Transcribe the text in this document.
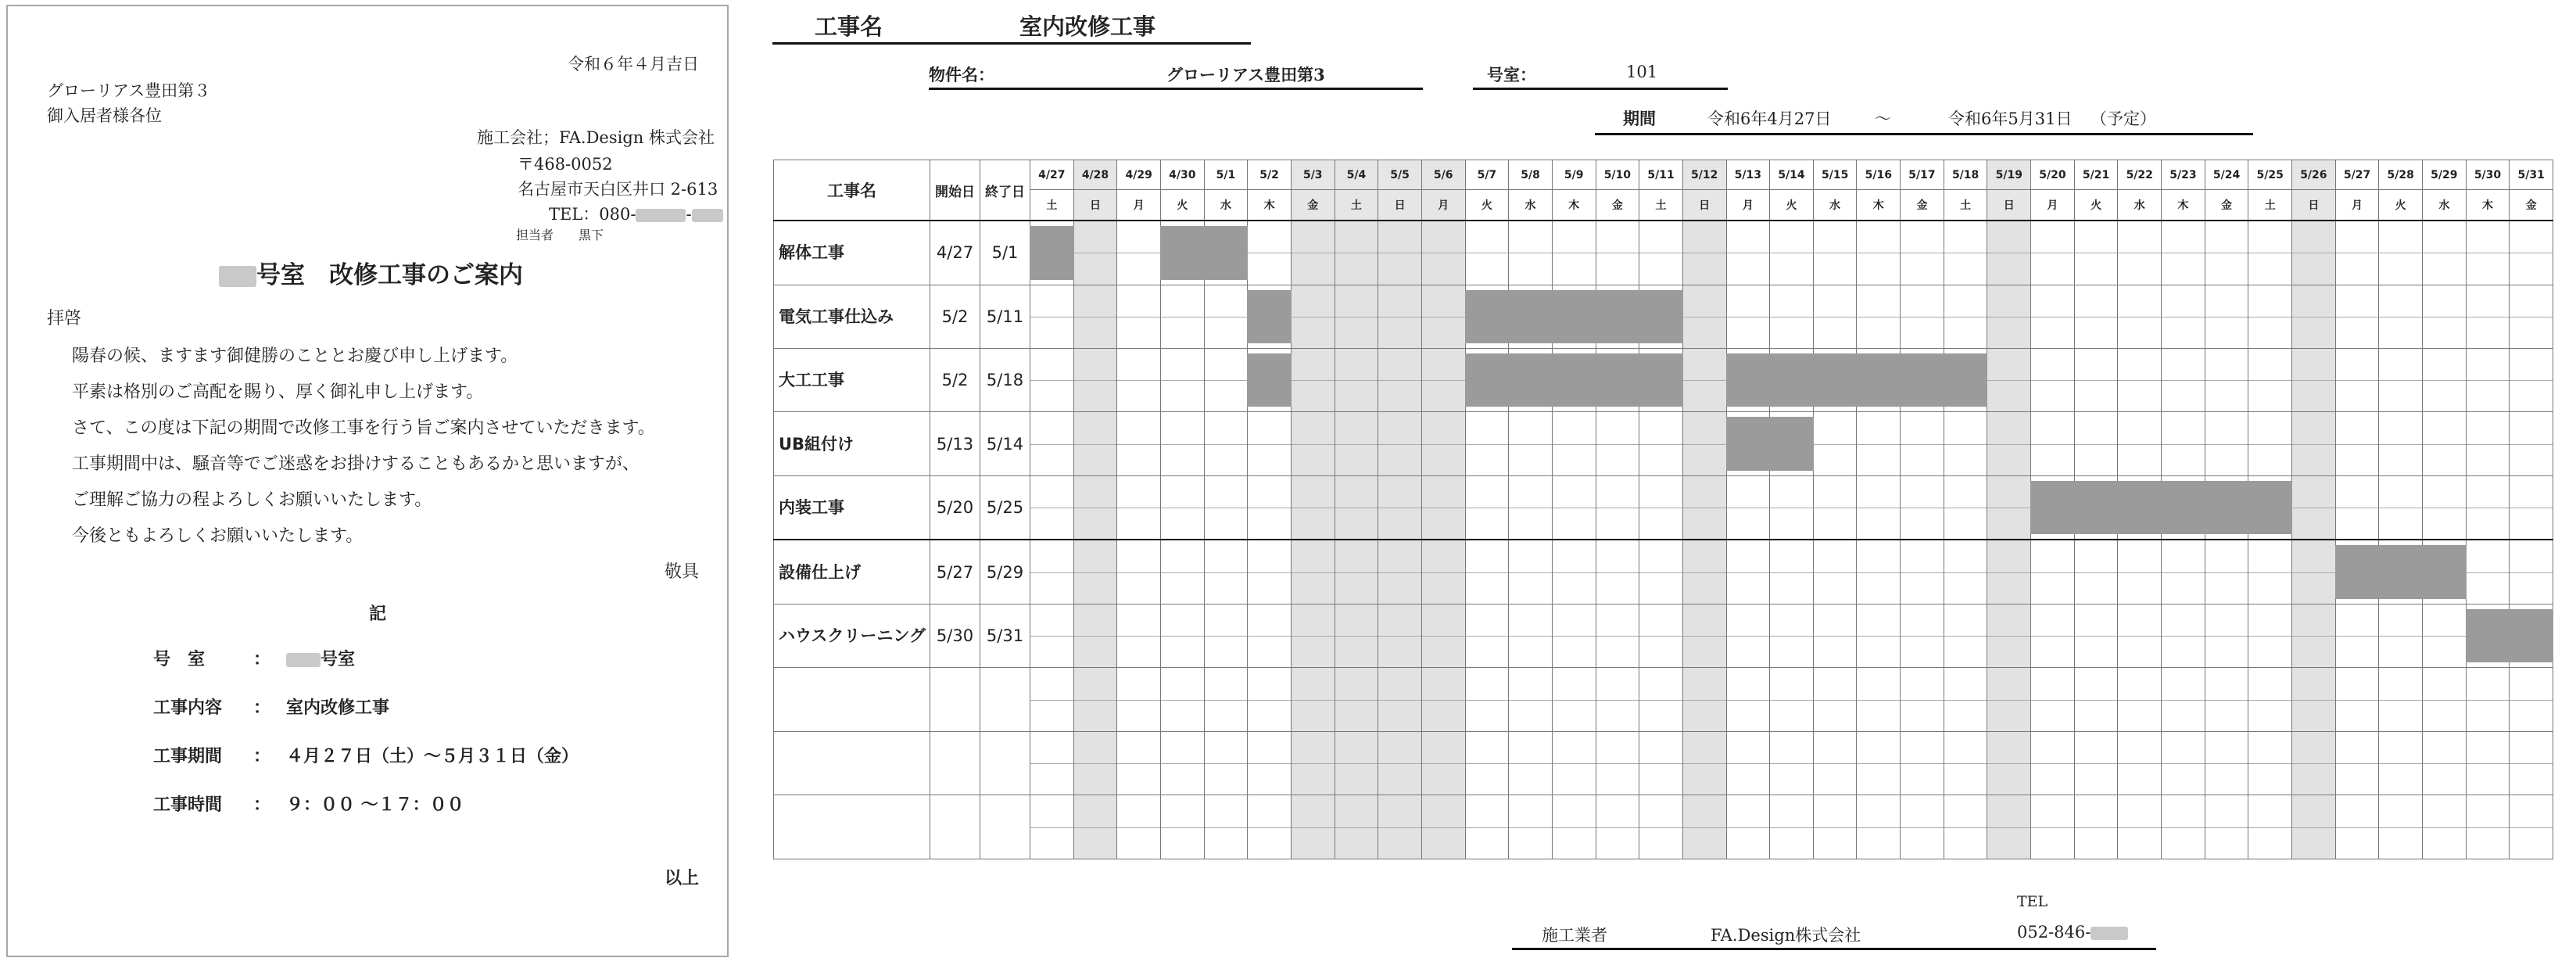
令和６年４月吉日
グローリアス豊田第３
御入居者様各位
施工会社；FA.Design 株式会社
〒468-0052
名古屋市天白区井口 2-613
TEL：080-	-
担当者　　黒下
号室　改修工事のご案内
拝啓
陽春の候、ますます御健勝のこととお慶び申し上げます。
平素は格別のご高配を賜り、厚く御礼申し上げます。
さて、この度は下記の期間で改修工事を行う旨ご案内させていただきます。
工事期間中は、騒音等でご迷惑をお掛けすることもあるかと思いますが、
ご理解ご協力の程よろしくお願いいたします。
今後ともよろしくお願いいたします。
敬具
記
号　室	：	号室
工事内容 ： 室内改修工事
工事期間 ： ４月２７日（土）～５月３１日（金）
工事時間 ： ９：００ ～１７：００
以上
工事名	室内改修工事
物件名：	グローリアス豊田第3	号室：	101
期間	令和6年4月27日	～	令和6年5月31日 （予定）
工事名	開始日	終了日	4/27	4/28	4/29	4/30	5/1	5/2	5/3	5/4	5/5	5/6	5/7	5/8	5/9	5/10	5/11	5/12	5/13	5/14	5/15	5/16	5/17	5/18	5/19	5/20	5/21	5/22	5/23	5/24	5/25	5/26	5/27	5/28	5/29	5/30	5/31
			土	日	月	火	水	木	金	土	日	月	火	水	木	金	土	日	月	火	水	木	金	土	日	月	火	水	木	金	土	日	月	火	水	木	金
解体工事	4/27	5/1	

電気工事仕込み	5/2	5/11	

大工工事	5/2	5/18	

UB組付け	5/13	5/14	

内装工事	5/20	5/25	

設備仕上げ	5/27	5/29	

ハウスクリーニング	5/30	5/31	

TEL
施工業者	FA.Design株式会社	052-846-
